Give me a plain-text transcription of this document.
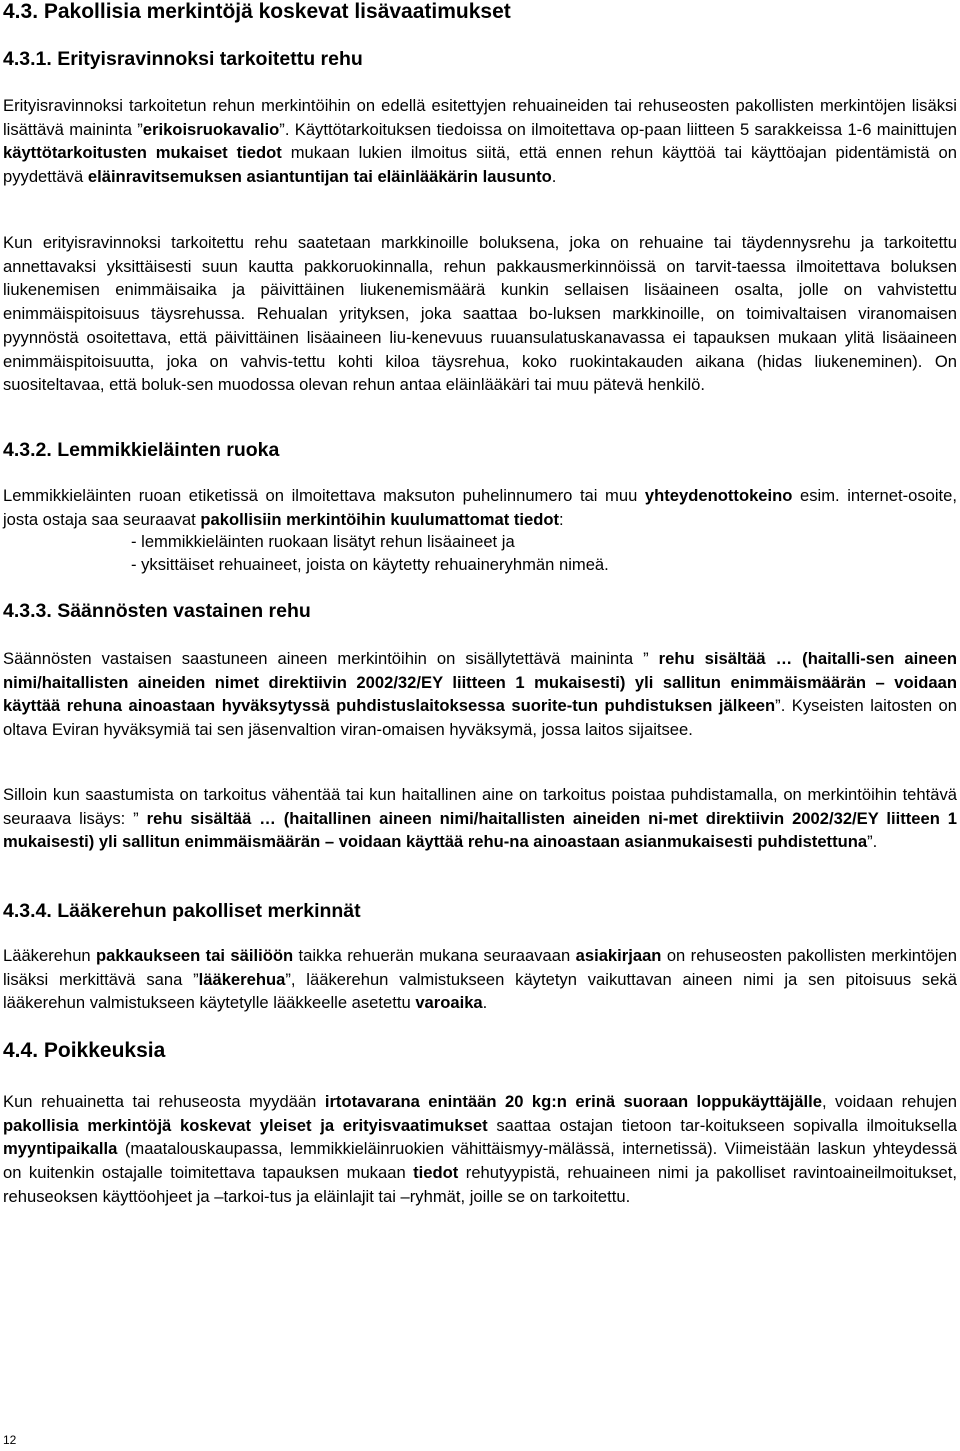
4.3. Pakollisia merkintöjä koskevat lisävaatimukset
4.3.1. Erityisravinnoksi tarkoitettu rehu
Erityisravinnoksi tarkoitetun rehun merkintöihin on edellä esitettyjen rehuaineiden tai rehuseosten pakollisten merkintöjen lisäksi lisättävä maininta ”erikoisruokavalio”. Käyttötarkoituksen tiedoissa on ilmoitettava op-paan liitteen 5 sarakkeissa 1-6 mainittujen käyttötarkoitusten mukaiset tiedot mukaan lukien ilmoitus siitä, että ennen rehun käyttöä tai käyttöajan pidentämistä on pyydettävä eläinravitsemuksen asiantuntijan tai eläinlääkärin lausunto.
Kun erityisravinnoksi tarkoitettu rehu saatetaan markkinoille boluksena, joka on rehuaine tai täydennysrehu ja tarkoitettu annettavaksi yksittäisesti suun kautta pakkoruokinnalla, rehun pakkausmerkinnöissä on tarvit-taessa ilmoitettava boluksen liukenemisen enimmäisaika ja päivittäinen liukenemismäärä kunkin sellaisen lisäaineen osalta, jolle on vahvistettu enimmäispitoisuus täysrehussa. Rehualan yrityksen, joka saattaa bo-luksen markkinoille, on toimivaltaisen viranomaisen pyynnöstä osoitettava, että päivittäinen lisäaineen liu-kenevuus ruuansulatuskanavassa ei tapauksen mukaan ylitä lisäaineen enimmäispitoisuutta, joka on vahvis-tettu kohti kiloa täysrehua, koko ruokintakauden aikana (hidas liukeneminen). On suositeltavaa, että boluk-sen muodossa olevan rehun antaa eläinlääkäri tai muu pätevä henkilö.
4.3.2. Lemmikkieläinten ruoka
Lemmikkieläinten ruoan etiketissä on ilmoitettava maksuton puhelinnumero tai muu yhteydenottokeino esim. internet-osoite, josta ostaja saa seuraavat pakollisiin merkintöihin kuulumattomat tiedot:
- lemmikkieläinten ruokaan lisätyt rehun lisäaineet ja
- yksittäiset rehuaineet, joista on käytetty rehuaineryhmän nimeä.
4.3.3. Säännösten vastainen rehu
Säännösten vastaisen saastuneen aineen merkintöihin on sisällytettävä maininta ” rehu sisältää … (haitalli-sen aineen nimi/haitallisten aineiden nimet direktiivin 2002/32/EY liitteen 1 mukaisesti) yli sallitun enimmäismäärän – voidaan käyttää rehuna ainoastaan hyväksytyssä puhdistuslaitoksessa suorite-tun puhdistuksen jälkeen”. Kyseisten laitosten on oltava Eviran hyväksymiä tai sen jäsenvaltion viran-omaisen hyväksymä, jossa laitos sijaitsee.
Silloin kun saastumista on tarkoitus vähentää tai kun haitallinen aine on tarkoitus poistaa puhdistamalla, on merkintöihin tehtävä seuraava lisäys: ” rehu sisältää … (haitallinen aineen nimi/haitallisten aineiden ni-met direktiivin 2002/32/EY liitteen 1 mukaisesti) yli sallitun enimmäismäärän – voidaan käyttää rehu-na ainoastaan asianmukaisesti puhdistettuna”.
4.3.4. Lääkerehun pakolliset merkinnät
Lääkerehun pakkaukseen tai säiliöön taikka rehuerän mukana seuraavaan asiakirjaan on rehuseosten pakollisten merkintöjen lisäksi merkittävä sana ”lääkerehua”, lääkerehun valmistukseen käytetyn vaikuttavan aineen nimi ja sen pitoisuus sekä lääkerehun valmistukseen käytetylle lääkkeelle asetettu varoaika.
4.4. Poikkeuksia
Kun rehuainetta tai rehuseosta myydään irtotavarana enintään 20 kg:n erinä suoraan loppukäyttäjälle, voidaan rehujen pakollisia merkintöjä koskevat yleiset ja erityisvaatimukset saattaa ostajan tietoon tar-koitukseen sopivalla ilmoituksella myyntipaikalla (maatalouskaupassa, lemmikkieläinruokien vähittäismyy-mälässä, internetissä). Viimeistään laskun yhteydessä on kuitenkin ostajalle toimitettava tapauksen mukaan tiedot rehutyypistä, rehuaineen nimi ja pakolliset ravintoaineilmoitukset, rehuseoksen käyttöohjeet ja –tarkoi-tus ja eläinlajit tai –ryhmät, joille se on tarkoitettu.
12
